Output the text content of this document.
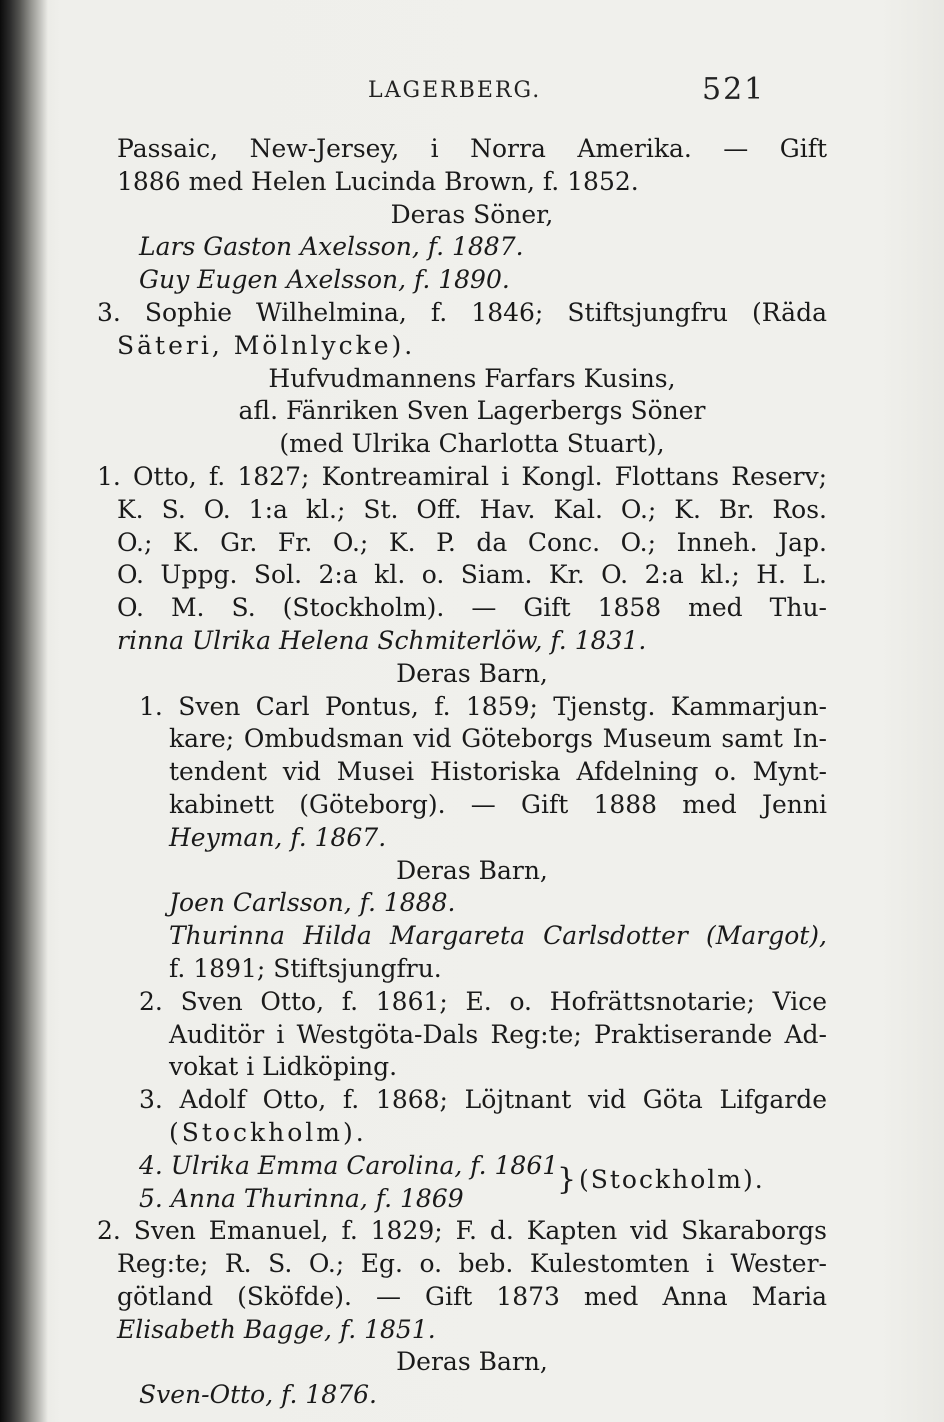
LAGERBERG.	521
Passaic, New-Jersey, i Norra Amerika. — Gift
1886 med Helen Lucinda Brown, f. 1852.
Deras Söner,
Lars Gaston Axelsson, f. 1887.
Guy Eugen Axelsson, f. 1890.
3. Sophie Wilhelmina, f. 1846; Stiftsjungfru (Räda
Säteri, Mölnlycke).
Hufvudmannens Farfars Kusins,
afl. Fänriken Sven Lagerbergs Söner
(med Ulrika Charlotta Stuart),
1. Otto, f. 1827; Kontreamiral i Kongl. Flottans Reserv;
K. S. O. 1:a kl.; St. Off. Hav. Kal. O.; K. Br. Ros.
O.; K. Gr. Fr. O.; K. P. da Conc. O.; Inneh. Jap.
O. Uppg. Sol. 2:a kl. o. Siam. Kr. O. 2:a kl.; H. L.
O. M. S. (Stockholm). — Gift 1858 med Thu-
rinna Ulrika Helena Schmiterlöw, f. 1831.
Deras Barn,
1. Sven Carl Pontus, f. 1859; Tjenstg. Kammarjun-
kare; Ombudsman vid Göteborgs Museum samt In-
tendent vid Musei Historiska Afdelning o. Mynt-
kabinett (Göteborg). — Gift 1888 med Jenni
Heyman, f. 1867.
Deras Barn,
Joen Carlsson, f. 1888.
Thurinna Hilda Margareta Carlsdotter (Margot),
f. 1891; Stiftsjungfru.
2. Sven Otto, f. 1861; E. o. Hofrättsnotarie; Vice
Auditör i Westgöta-Dals Reg:te; Praktiserande Ad-
vokat i Lidköping.
3. Adolf Otto, f. 1868; Löjtnant vid Göta Lifgarde
(Stockholm).
4. Ulrika Emma Carolina, f. 1861
5. Anna Thurinna, f. 1869
} (Stockholm).
2. Sven Emanuel, f. 1829; F. d. Kapten vid Skaraborgs
Reg:te; R. S. O.; Eg. o. beb. Kulestomten i Wester-
götland (Sköfde). — Gift 1873 med Anna Maria
Elisabeth Bagge, f. 1851.
Deras Barn,
Sven-Otto, f. 1876.
